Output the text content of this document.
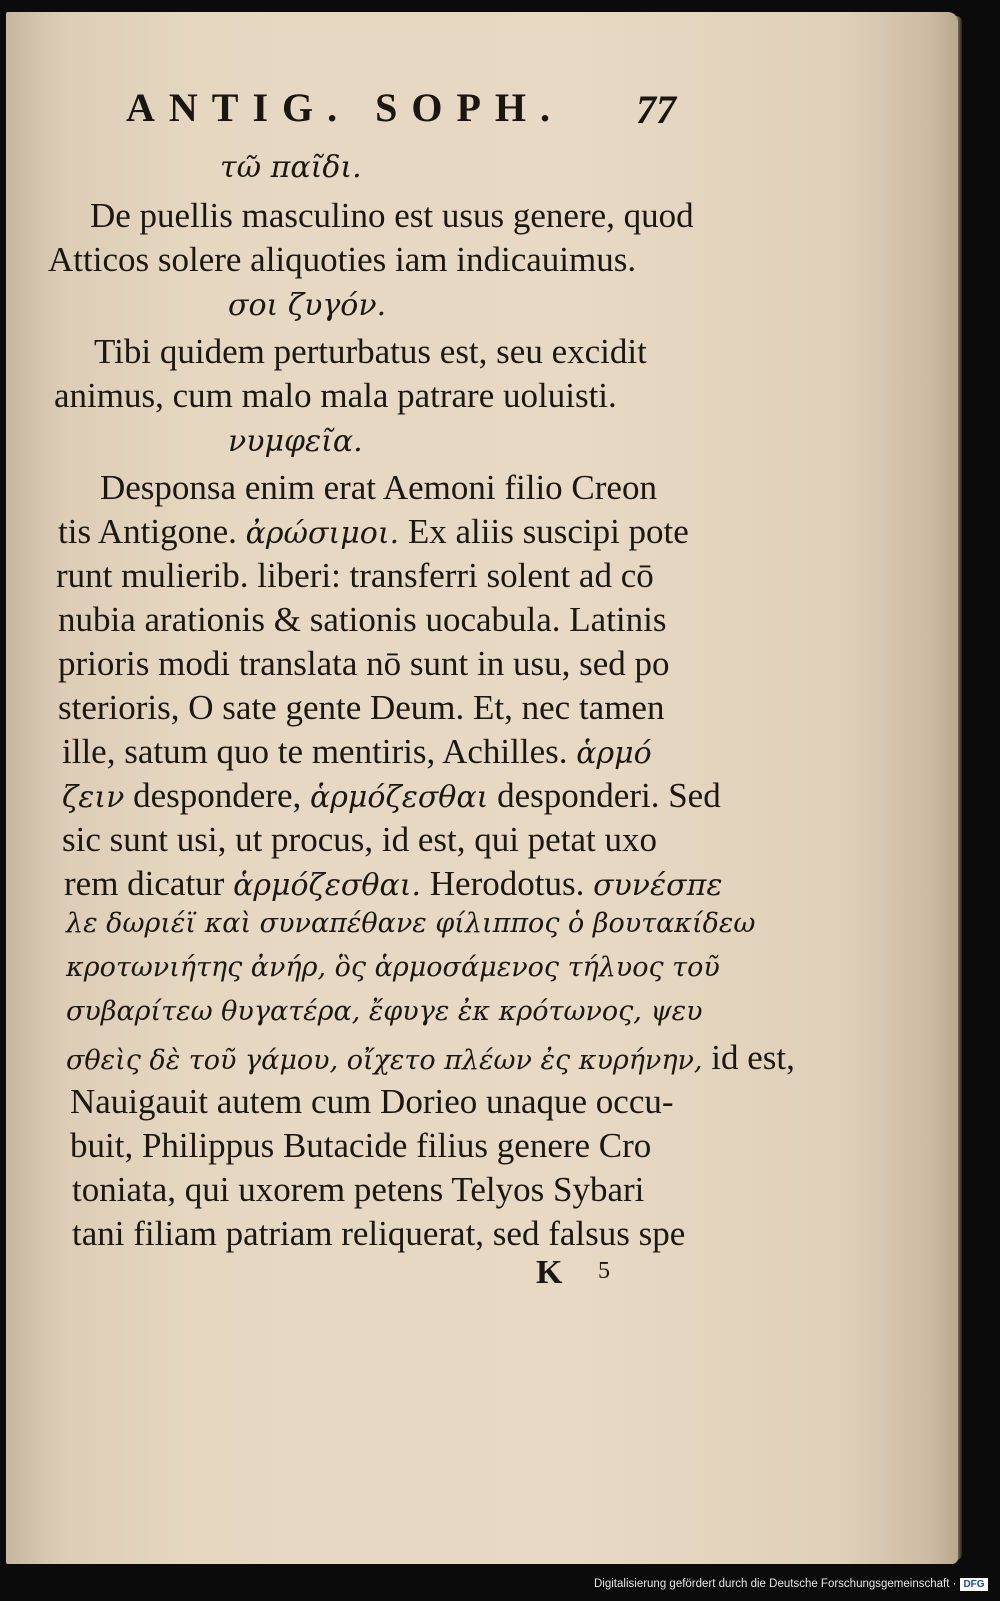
ANTIG. SOPH. 77
τῶ παῖδι.
De puellis masculino est usus genere, quod
Atticos solere aliquoties iam indicauimus.
σοι ζυγόν.
Tibi quidem perturbatus est, seu excidit
animus, cum malo mala patrare uoluisti.
νυμφεῖα.
Desponsa enim erat Aemoni filio Creon
tis Antigone. ἀρώσιμοι. Ex aliis suscipi pote
runt mulierib. liberi: transferri solent ad cō
nubia arationis & sationis uocabula. Latinis
prioris modi translata nō sunt in usu, sed po
sterioris, O sate gente Deum. Et, nec tamen
ille, satum quo te mentiris, Achilles. ἁρμό
ζειν despondere, ἁρμόζεσθαι desponderi. Sed
sic sunt usi, ut procus, id est, qui petat uxo
rem dicatur ἁρμόζεσθαι. Herodotus. συνέσπε
λε δωριέϊ καὶ συναπέθανε φίλιππος ὁ βουτακίδεω
κροτωνιήτης ἀνήρ, ὃς ἁρμοσάμενος τήλυος τοῦ
συβαρίτεω θυγατέρα, ἔφυγε ἐκ κρότωνος, ψευ
σθεὶς δὲ τοῦ γάμου, οἴχετο πλέων ἐς κυρήνην, id est,
Nauigauit autem cum Dorieo unaque occu-
buit, Philippus Butacide filius genere Cro
toniata, qui uxorem petens Telyos Sybari
tani filiam patriam reliquerat, sed falsus spe
K 5
Digitalisierung gefördert durch die Deutsche Forschungsgemeinschaft · DFG
